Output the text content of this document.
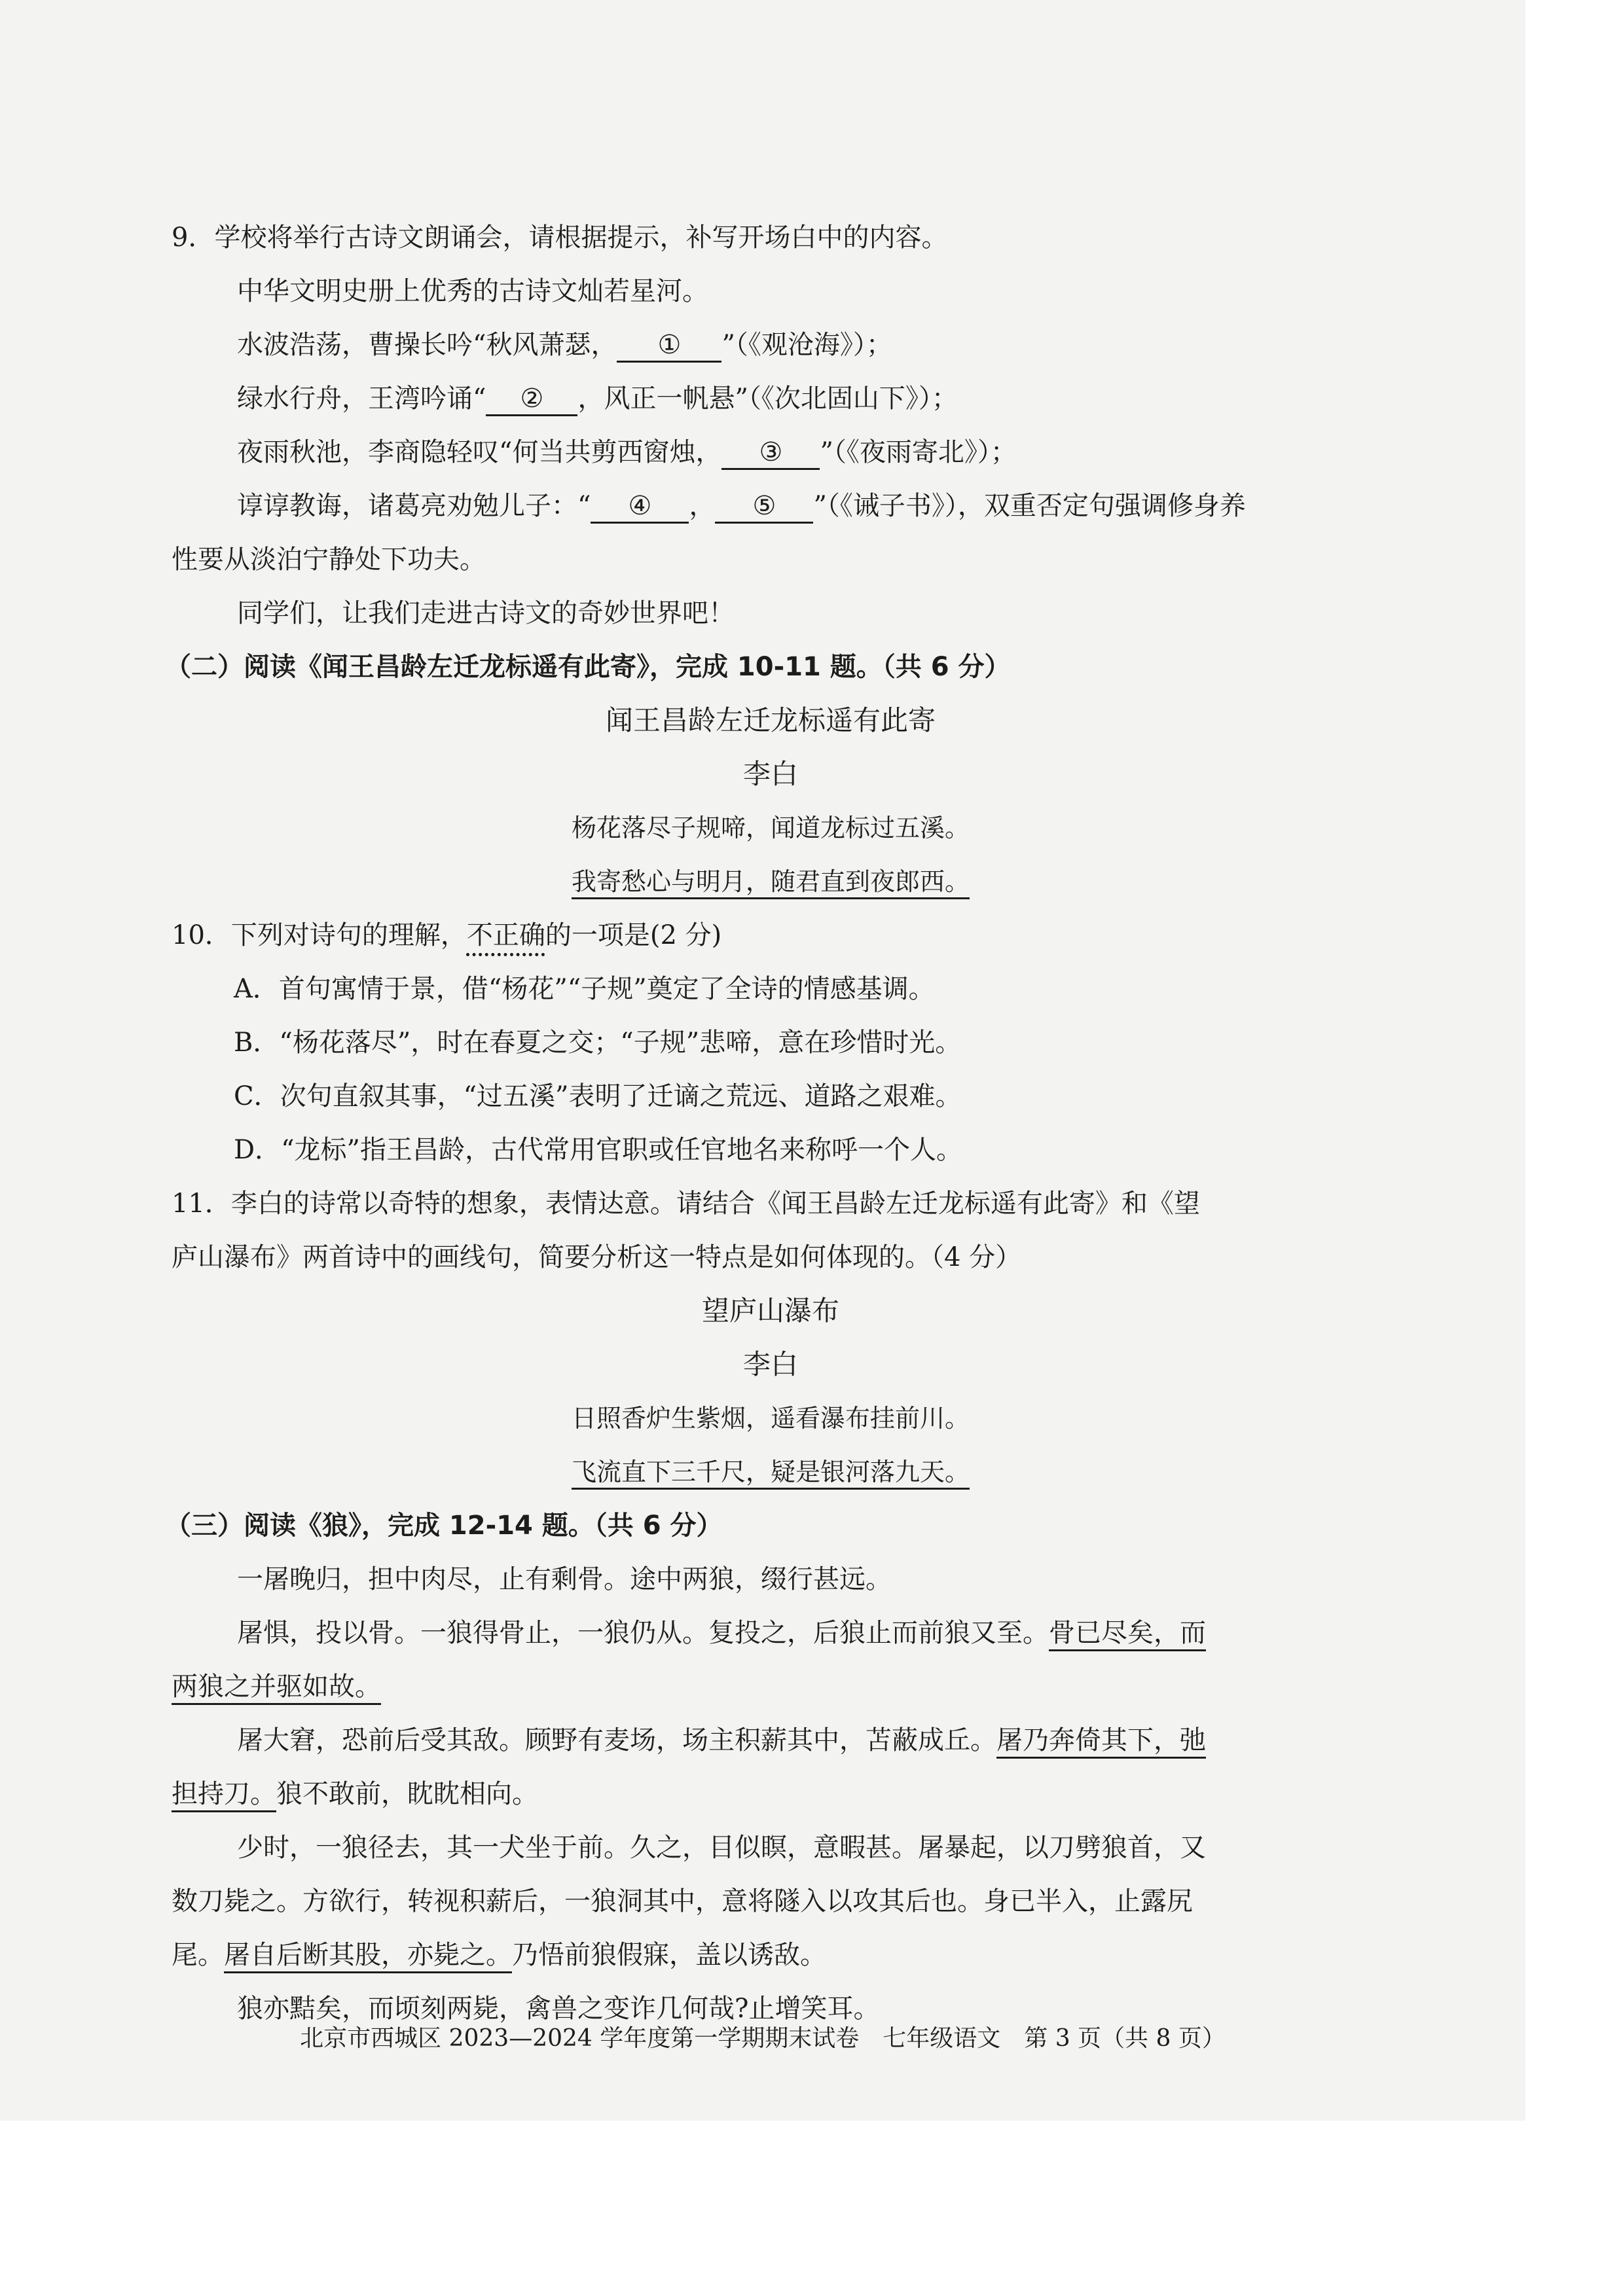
9．学校将举行古诗文朗诵会，请根据提示，补写开场白中的内容。
中华文明史册上优秀的古诗文灿若星河。
水波浩荡，曹操长吟“秋风萧瑟， ① ”（《观沧海》）；
绿水行舟，王湾吟诵“ ② ，风正一帆悬”（《次北固山下》）；
夜雨秋池，李商隐轻叹“何当共剪西窗烛， ③ ”（《夜雨寄北》）；
谆谆教诲，诸葛亮劝勉儿子：“ ④ ， ⑤ ”（《诫子书》），双重否定句强调修身养
性要从淡泊宁静处下功夫。
同学们，让我们走进古诗文的奇妙世界吧！
（二）阅读《闻王昌龄左迁龙标遥有此寄》，完成 10-11 题。（共 6 分）
闻王昌龄左迁龙标遥有此寄
李白
杨花落尽子规啼，闻道龙标过五溪。
我寄愁心与明月，随君直到夜郎西。
10．下列对诗句的理解，不正确的一项是(2 分)
A．首句寓情于景，借“杨花”“子规”奠定了全诗的情感基调。
B．“杨花落尽”，时在春夏之交；“子规”悲啼，意在珍惜时光。
C．次句直叙其事，“过五溪”表明了迁谪之荒远、道路之艰难。
D．“龙标”指王昌龄，古代常用官职或任官地名来称呼一个人。
11．李白的诗常以奇特的想象，表情达意。请结合《闻王昌龄左迁龙标遥有此寄》和《望
庐山瀑布》两首诗中的画线句，简要分析这一特点是如何体现的。（4 分）
望庐山瀑布
李白
日照香炉生紫烟，遥看瀑布挂前川。
飞流直下三千尺，疑是银河落九天。
（三）阅读《狼》，完成 12-14 题。（共 6 分）
一屠晚归，担中肉尽，止有剩骨。途中两狼，缀行甚远。
屠惧，投以骨。一狼得骨止，一狼仍从。复投之，后狼止而前狼又至。骨已尽矣，而
两狼之并驱如故。
屠大窘，恐前后受其敌。顾野有麦场，场主积薪其中，苫蔽成丘。屠乃奔倚其下，弛
担持刀。狼不敢前，眈眈相向。
少时，一狼径去，其一犬坐于前。久之，目似瞑，意暇甚。屠暴起，以刀劈狼首，又
数刀毙之。方欲行，转视积薪后，一狼洞其中，意将隧入以攻其后也。身已半入，止露尻
尾。屠自后断其股，亦毙之。乃悟前狼假寐，盖以诱敌。
狼亦黠矣，而顷刻两毙，禽兽之变诈几何哉?止增笑耳。
北京市西城区 2023—2024 学年度第一学期期末试卷　七年级语文　第 3 页（共 8 页）
